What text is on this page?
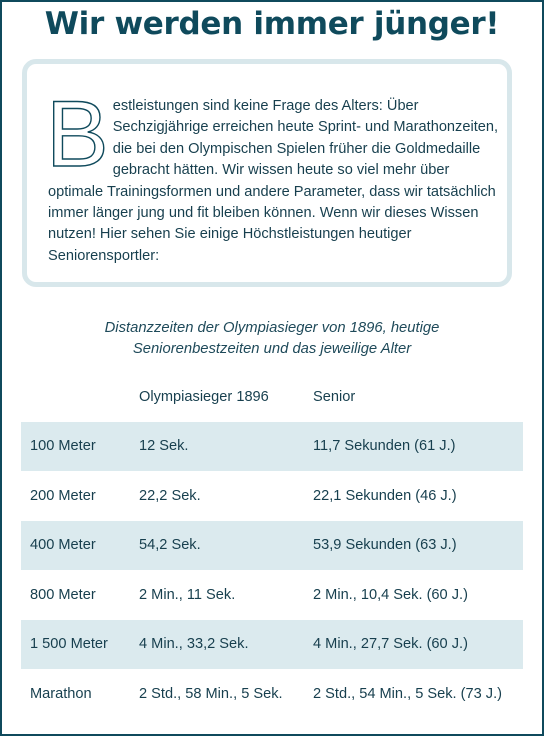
Wir werden immer jünger!

Bestleistungen sind keine Frage des Alters: Über Sechzigjährige erreichen heute Sprint- und Marathonzeiten, die bei den Olympischen Spielen früher die Goldmedaille gebracht hätten. Wir wissen heute so viel mehr über optimale Trainingsformen und andere Parameter, dass wir tatsächlich immer länger jung und fit bleiben können. Wenn wir dieses Wissen nutzen! Hier sehen Sie einige Höchstleistungen heutiger Seniorensportler:

Distanzzeiten der Olympiasieger von 1896, heutige Seniorenbestzeiten und das jeweilige Alter

	Olympiasieger 1896	Senior
100 Meter	12 Sek.	11,7 Sekunden (61 J.)
200 Meter	22,2 Sek.	22,1 Sekunden (46 J.)
400 Meter	54,2 Sek.	53,9 Sekunden (63 J.)
800 Meter	2 Min., 11 Sek.	2 Min., 10,4 Sek. (60 J.)
1 500 Meter	4 Min., 33,2 Sek.	4 Min., 27,7 Sek. (60 J.)
Marathon	2 Std., 58 Min., 5 Sek.	2 Std., 54 Min., 5 Sek. (73 J.)
